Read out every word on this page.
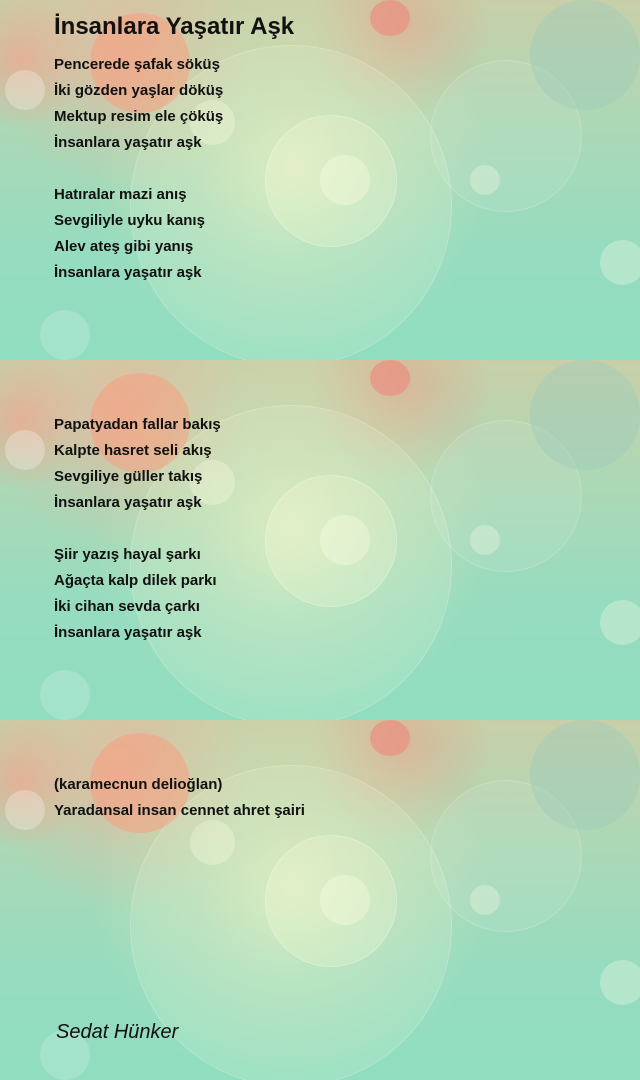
İnsanlara Yaşatır Aşk
Pencerede şafak söküş
İki gözden yaşlar döküş
Mektup resim ele çöküş
İnsanlara yaşatır aşk
Hatıralar mazi anış
Sevgiliyle uyku kanış
Alev ateş gibi yanış
İnsanlara yaşatır aşk
Papatyadan fallar bakış
Kalpte hasret seli akış
Sevgiliye güller takış
İnsanlara yaşatır aşk
Şiir yazış hayal şarkı
Ağaçta kalp dilek parkı
İki cihan sevda çarkı
İnsanlara yaşatır aşk
(karamecnun delioğlan)
Yaradansal insan cennet ahret şairi

Sedat Hünker
